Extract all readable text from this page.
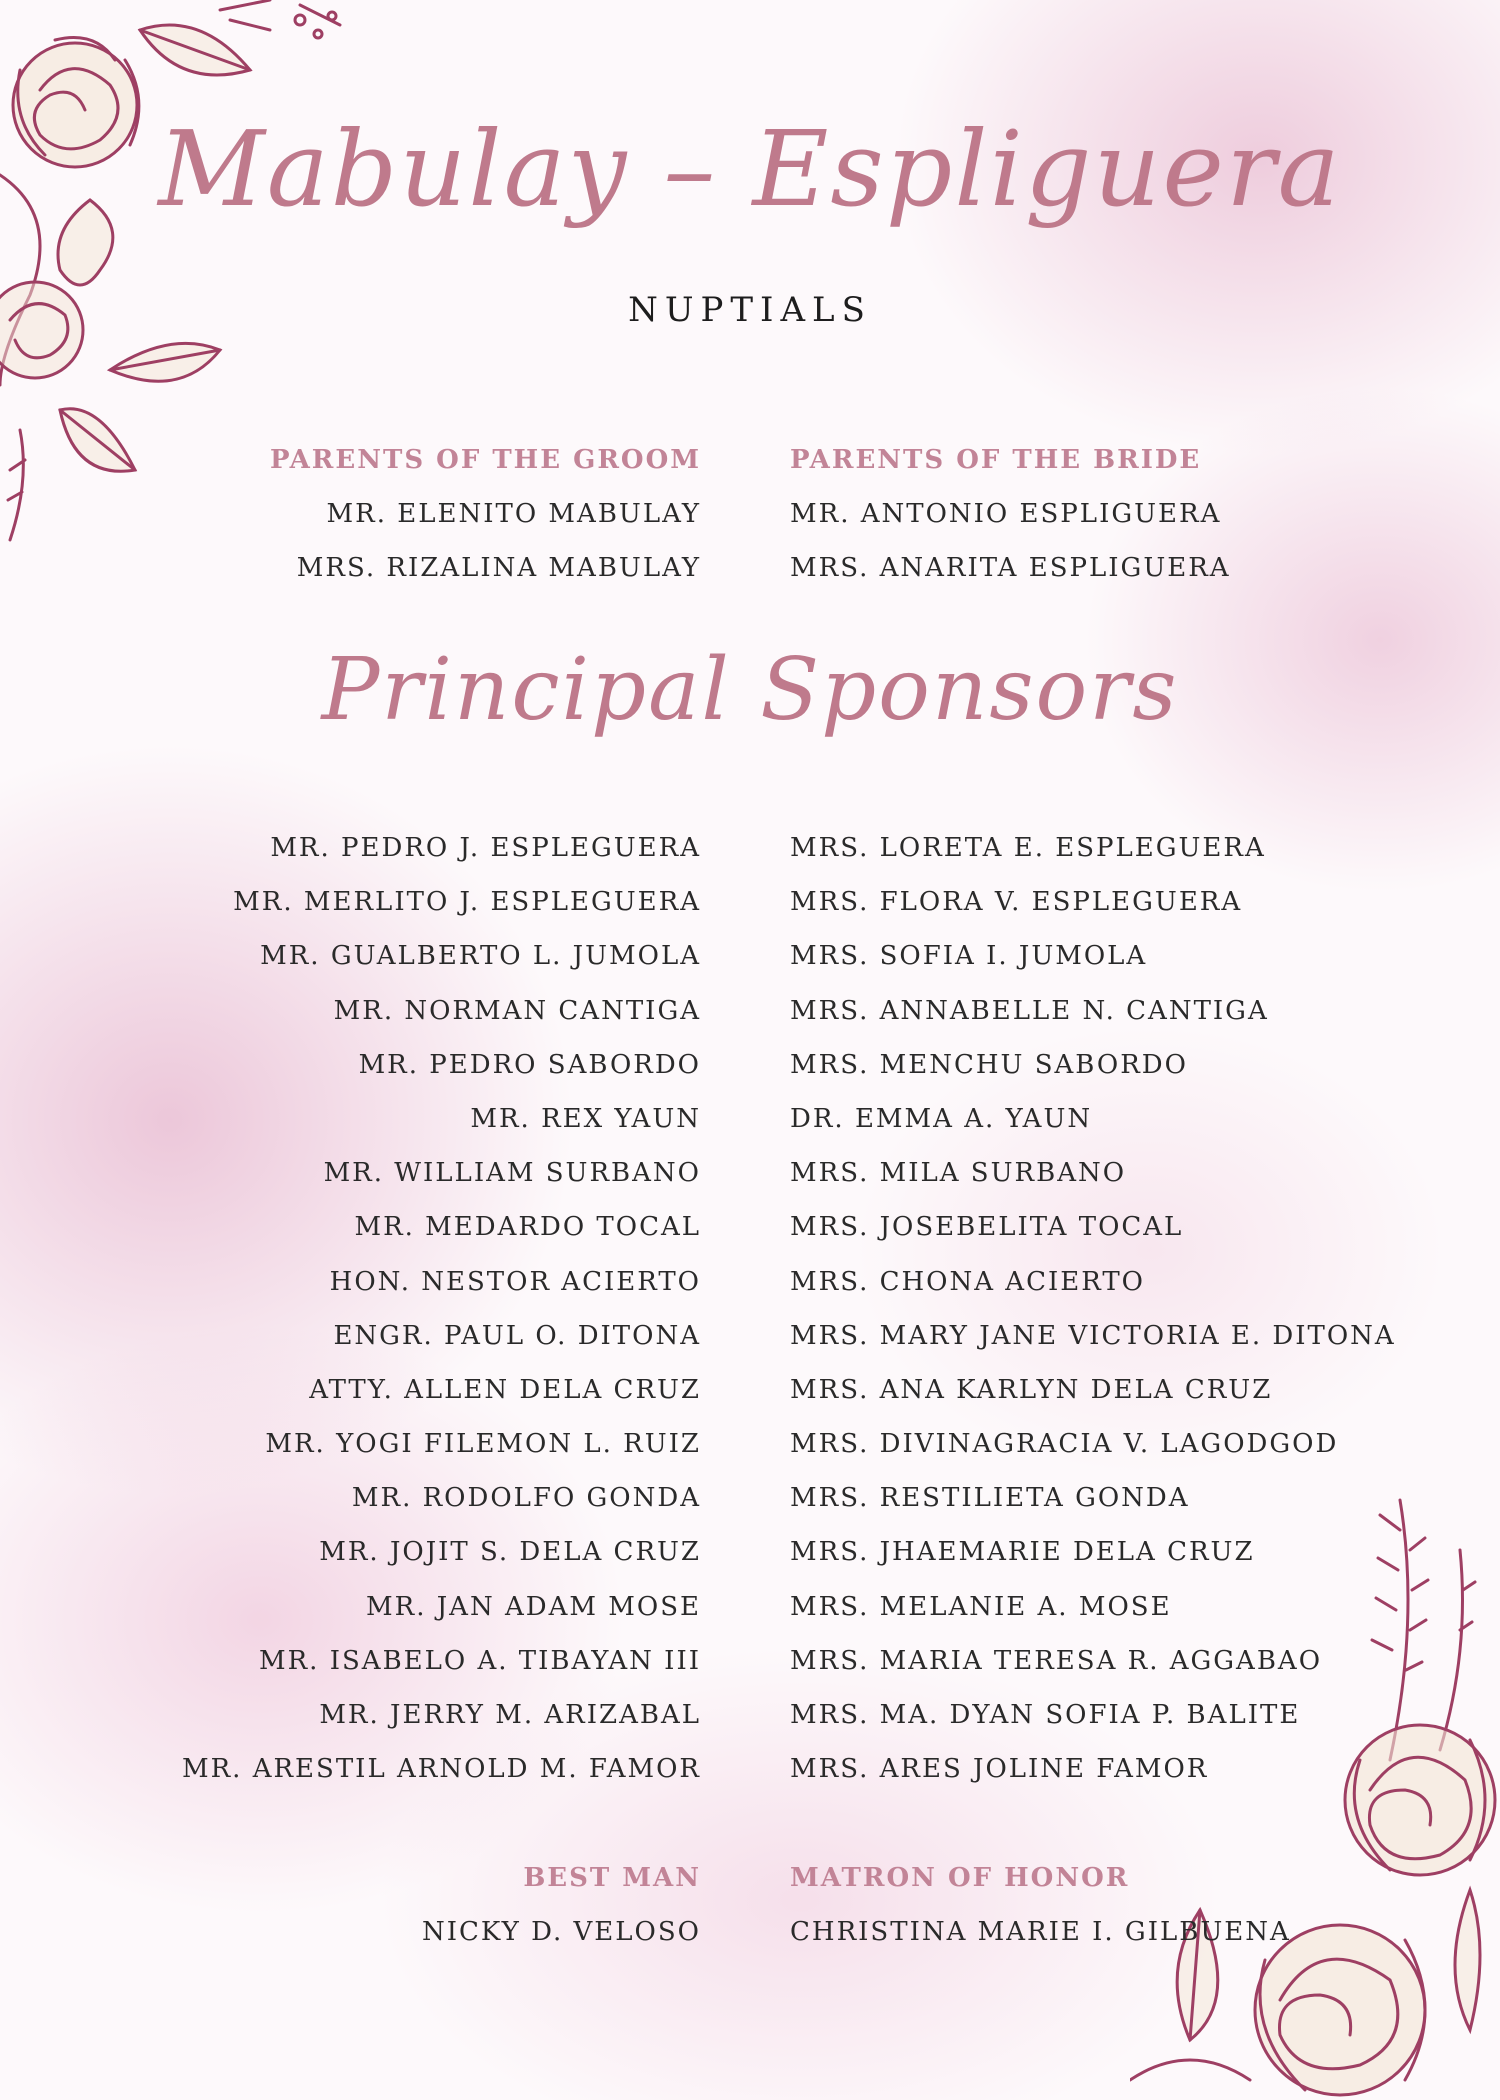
Mabulay – Espliguera
NUPTIALS
PARENTS OF THE GROOM
MR. ELENITO MABULAY
MRS. RIZALINA MABULAY
PARENTS OF THE BRIDE
MR. ANTONIO ESPLIGUERA
MRS. ANARITA ESPLIGUERA
Principal Sponsors
MR. PEDRO J. ESPLEGUERA
MR. MERLITO J. ESPLEGUERA
MR. GUALBERTO L. JUMOLA
MR. NORMAN CANTIGA
MR. PEDRO SABORDO
MR. REX YAUN
MR. WILLIAM SURBANO
MR. MEDARDO TOCAL
HON. NESTOR ACIERTO
ENGR. PAUL O. DITONA
ATTY. ALLEN DELA CRUZ
MR. YOGI FILEMON L. RUIZ
MR. RODOLFO GONDA
MR. JOJIT S. DELA CRUZ
MR. JAN ADAM MOSE
MR. ISABELO A. TIBAYAN III
MR. JERRY M. ARIZABAL
MR. ARESTIL ARNOLD M. FAMOR
MRS. LORETA E. ESPLEGUERA
MRS. FLORA V. ESPLEGUERA
MRS. SOFIA I. JUMOLA
MRS. ANNABELLE N. CANTIGA
MRS. MENCHU SABORDO
DR. EMMA A. YAUN
MRS. MILA SURBANO
MRS. JOSEBELITA TOCAL
MRS. CHONA ACIERTO
MRS. MARY JANE VICTORIA E. DITONA
MRS. ANA KARLYN DELA CRUZ
MRS. DIVINAGRACIA V. LAGODGOD
MRS. RESTILIETA GONDA
MRS. JHAEMARIE DELA CRUZ
MRS. MELANIE A. MOSE
MRS. MARIA TERESA R. AGGABAO
MRS. MA. DYAN SOFIA P. BALITE
MRS. ARES JOLINE FAMOR
BEST MAN
NICKY D. VELOSO
MATRON OF HONOR
CHRISTINA MARIE I. GILBUENA
